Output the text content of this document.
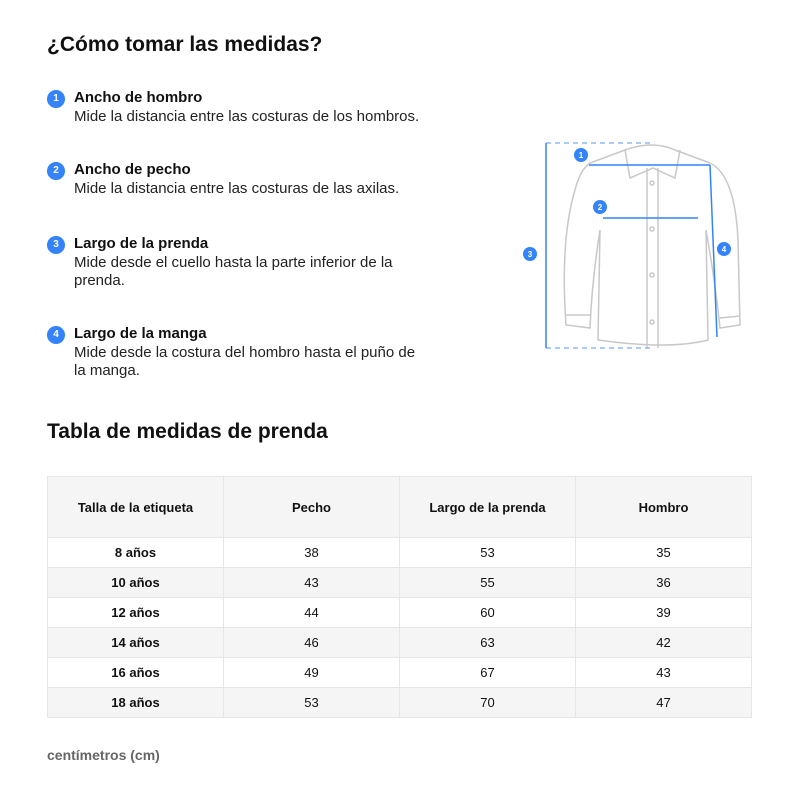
¿Cómo tomar las medidas?
1	Ancho de hombro
Mide la distancia entre las costuras de los hombros.
2	Ancho de pecho
Mide la distancia entre las costuras de las axilas.
3	Largo de la prenda
Mide desde el cuello hasta la parte inferior de la prenda.
4	Largo de la manga
Mide desde la costura del hombro hasta el puño de la manga.
1
2
3
4
Tabla de medidas de prenda
Talla de la etiqueta	Pecho	Largo de la prenda	Hombro
8 años	38	53	35
10 años	43	55	36
12 años	44	60	39
14 años	46	63	42
16 años	49	67	43
18 años	53	70	47
centímetros (cm)
